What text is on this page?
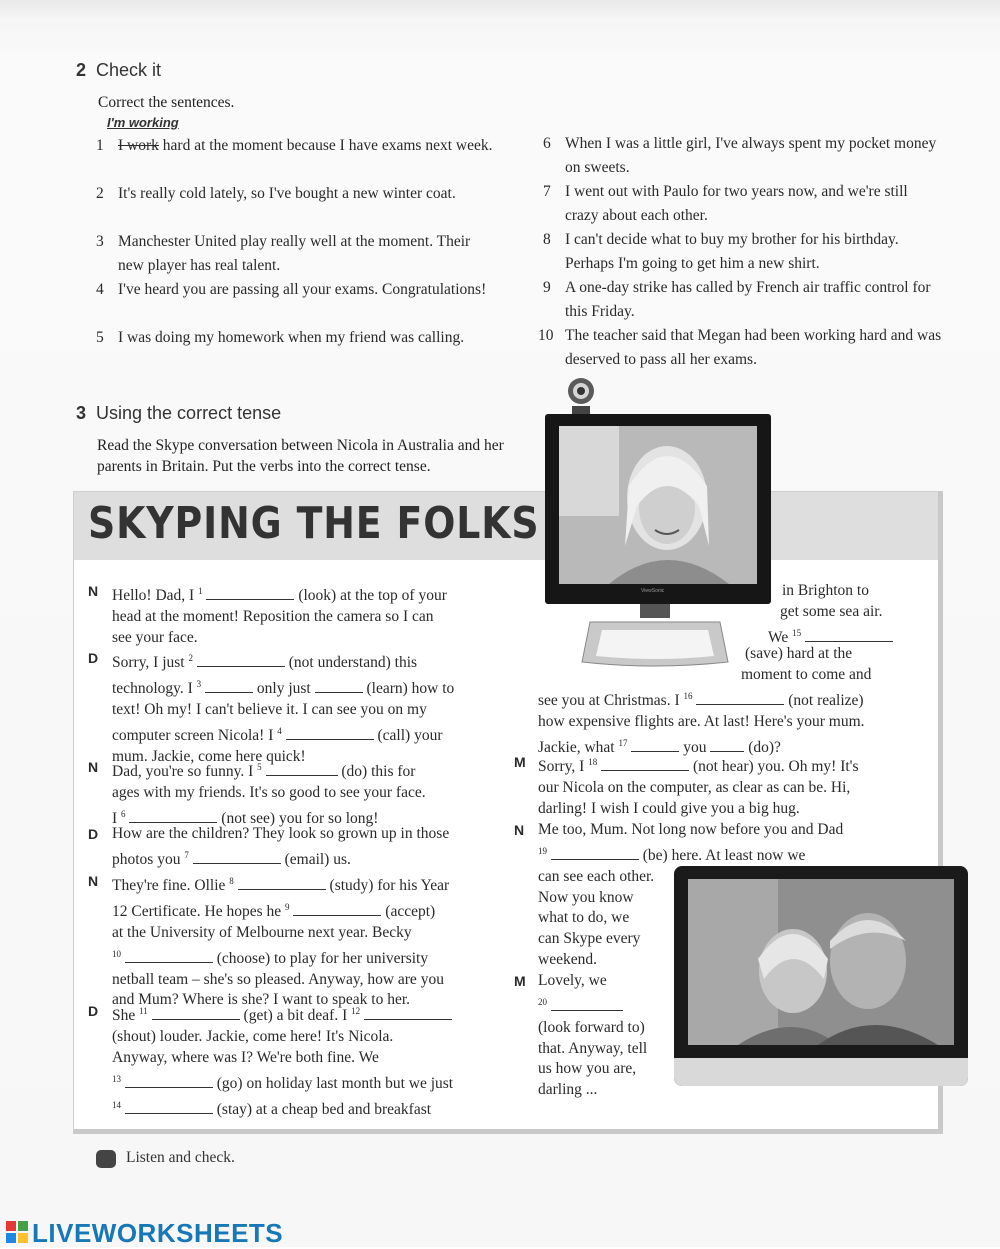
2 Check it
Correct the sentences.
I'm working
1 I work hard at the moment because I have exams next week.
2 It's really cold lately, so I've bought a new winter coat.
3 Manchester United play really well at the moment. Their new player has real talent.
4 I've heard you are passing all your exams. Congratulations!
5 I was doing my homework when my friend was calling.
6 When I was a little girl, I've always spent my pocket money on sweets.
7 I went out with Paulo for two years now, and we're still crazy about each other.
8 I can't decide what to buy my brother for his birthday. Perhaps I'm going to get him a new shirt.
9 A one-day strike has called by French air traffic control for this Friday.
10 The teacher said that Megan had been working hard and was deserved to pass all her exams.
3 Using the correct tense
Read the Skype conversation between Nicola in Australia and her parents in Britain. Put the verbs into the correct tense.
SKYPING THE FOLKS
N Hello! Dad, I $^1$	(look) at the top of your
head at the moment! Reposition the camera so I can
see your face.
D Sorry, I just $^2$	(not understand) this
technology. I $^3$	only just	(learn) how to
text! Oh my! I can't believe it. I can see you on my
computer screen Nicola! I $^4$	(call) your
mum. Jackie, come here quick!
N Dad, you're so funny. I $^5$	(do) this for
ages with my friends. It's so good to see your face.
I $^6$	(not see) you for so long!
D How are the children? They look so grown up in those
photos you $^7$	(email) us.
N They're fine. Ollie $^8$	(study) for his Year
12 Certificate. He hopes he $^9$	(accept)
at the University of Melbourne next year. Becky
$^{10}$	(choose) to play for her university
netball team – she's so pleased. Anyway, how are you
and Mum? Where is she? I want to speak to her.
D She $^{11}$	(get) a bit deaf. I $^{12}$
(shout) louder. Jackie, come here! It's Nicola.
Anyway, where was I? We're both fine. We
$^{13}$	(go) on holiday last month but we just
$^{14}$	(stay) at a cheap bed and breakfast
in Brighton to
get some sea air.
We $^{15}$
(save) hard at the
moment to come and
see you at Christmas. I $^{16}$	(not realize)
how expensive flights are. At last! Here's your mum.
Jackie, what $^{17}$	you	(do)?
M Sorry, I $^{18}$	(not hear) you. Oh my! It's
our Nicola on the computer, as clear as can be. Hi,
darling! I wish I could give you a big hug.
N Me too, Mum. Not long now before you and Dad
$^{19}$	(be) here. At least now we
can see each other.
Now you know
what to do, we
can Skype every
weekend.
M Lovely, we
$^{20}$
(look forward to)
that. Anyway, tell
us how you are,
darling ...
ViewSonic
Listen and check.
LIVEWORKSHEETS
